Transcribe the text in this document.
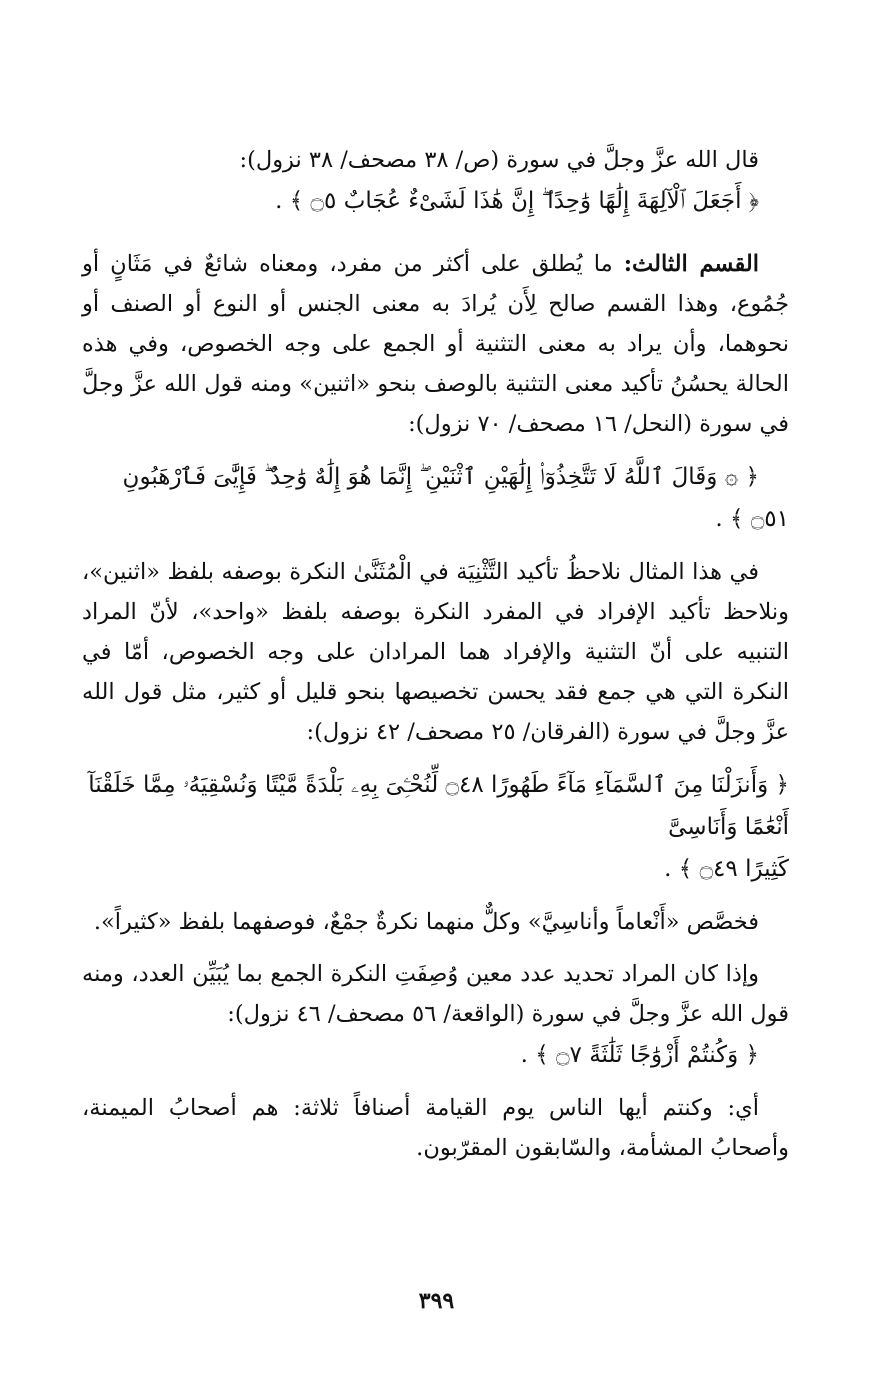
قال الله عزَّ وجلَّ في سورة (ص/ ٣٨ مصحف/ ٣٨ نزول):

﴿ أَجَعَلَ ٱلْآلِهَةَ إِلَٰهًا وَٰحِدًا ۖ إِنَّ هَٰذَا لَشَىْءٌ عُجَابٌ ۝٥ ﴾ .

القسم الثالث: ما يُطلق على أكثر من مفرد، ومعناه شائعٌ في مَثَانٍ أو جُمُوع، وهذا القسم صالح لِأَن يُرادَ به معنى الجنس أو النوع أو الصنف أو نحوهما، وأن يراد به معنى التثنية أو الجمع على وجه الخصوص، وفي هذه الحالة يحسُنُ تأكيد معنى التثنية بالوصف بنحو «اثنين» ومنه قول الله عزَّ وجلَّ في سورة (النحل/ ١٦ مصحف/ ٧٠ نزول):

﴿ ۞ وَقَالَ ٱللَّهُ لَا تَتَّخِذُوٓا۟ إِلَٰهَيْنِ ٱثْنَيْنِ ۖ إِنَّمَا هُوَ إِلَٰهٌ وَٰحِدٌ ۖ فَإِيَّٰىَ فَٱرْهَبُونِ ۝٥١ ﴾ .

في هذا المثال نلاحظُ تأكيد التَّثْنِيَة في الْمُثَنَّىٰ النكرة بوصفه بلفظ «اثنين»، ونلاحظ تأكيد الإفراد في المفرد النكرة بوصفه بلفظ «واحد»، لأنّ المراد التنبيه على أنّ التثنية والإفراد هما المرادان على وجه الخصوص، أمّا في النكرة التي هي جمع فقد يحسن تخصيصها بنحو قليل أو كثير، مثل قول الله عزَّ وجلَّ في سورة (الفرقان/ ٢٥ مصحف/ ٤٢ نزول):

﴿ وَأَنزَلْنَا مِنَ ٱلسَّمَآءِ مَآءً طَهُورًا ۝٤٨ لِّنُحْـِۧىَ بِهِۦ بَلْدَةً مَّيْتًا وَنُسْقِيَهُۥ مِمَّا خَلَقْنَآ أَنْعَٰمًا وَأَنَاسِىَّ

كَثِيرًا ۝٤٩ ﴾ .

فخصَّص «أَنْعاماً وأناسِيَّ» وكلٌّ منهما نكرةٌ جمْعٌ، فوصفهما بلفظ «كثيراً».

وإذا كان المراد تحديد عدد معين وُصِفَتِ النكرة الجمع بما يُبَيِّن العدد، ومنه قول الله عزَّ وجلَّ في سورة (الواقعة/ ٥٦ مصحف/ ٤٦ نزول):

﴿ وَكُنتُمْ أَزْوَٰجًا ثَلَٰثَةً ۝٧ ﴾ .

أي: وكنتم أيها الناس يوم القيامة أصنافاً ثلاثة: هم أصحابُ الميمنة، وأصحابُ المشأمة، والسّابقون المقرّبون.

٣٩٩
